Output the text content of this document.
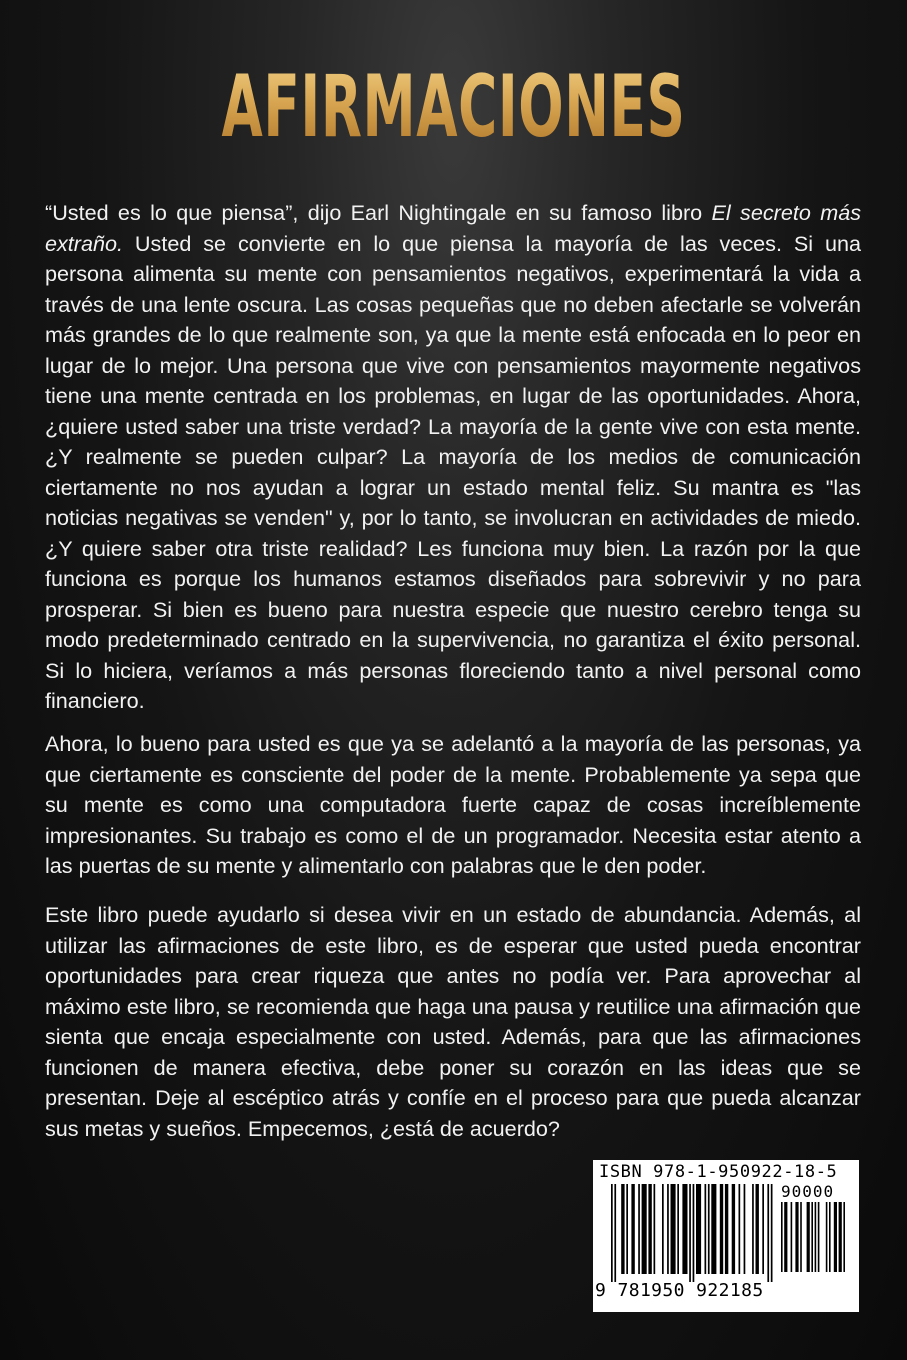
AFIRMACIONES

“Usted es lo que piensa”, dijo Earl Nightingale en su famoso libro El secreto más extraño. Usted se convierte en lo que piensa la mayoría de las veces. Si una persona alimenta su mente con pensamientos negativos, experimentará la vida a través de una lente oscura. Las cosas pequeñas que no deben afectarle se volverán más grandes de lo que realmente son, ya que la mente está enfocada en lo peor en lugar de lo mejor. Una persona que vive con pensamientos mayormente negativos tiene una mente centrada en los problemas, en lugar de las oportunidades. Ahora, ¿quiere usted saber una triste verdad? La mayoría de la gente vive con esta mente. ¿Y realmente se pueden culpar? La mayoría de los medios de comunicación ciertamente no nos ayudan a lograr un estado mental feliz. Su mantra es "las noticias negativas se venden" y, por lo tanto, se involucran en actividades de miedo. ¿Y quiere saber otra triste realidad? Les funciona muy bien. La razón por la que funciona es porque los humanos estamos diseñados para sobrevivir y no para prosperar. Si bien es bueno para nuestra especie que nuestro cerebro tenga su modo predeterminado centrado en la supervivencia, no garantiza el éxito personal. Si lo hiciera, veríamos a más personas floreciendo tanto a nivel personal como financiero.

Ahora, lo bueno para usted es que ya se adelantó a la mayoría de las personas, ya que ciertamente es consciente del poder de la mente. Probablemente ya sepa que su mente es como una computadora fuerte capaz de cosas increíblemente impresionantes. Su trabajo es como el de un programador. Necesita estar atento a las puertas de su mente y alimentarlo con palabras que le den poder.

Este libro puede ayudarlo si desea vivir en un estado de abundancia. Además, al utilizar las afirmaciones de este libro, es de esperar que usted pueda encontrar oportunidades para crear riqueza que antes no podía ver. Para aprovechar al máximo este libro, se recomienda que haga una pausa y reutilice una afirmación que sienta que encaja especialmente con usted. Además, para que las afirmaciones funcionen de manera efectiva, debe poner su corazón en las ideas que se presentan. Deje al escéptico atrás y confíe en el proceso para que pueda alcanzar sus metas y sueños. Empecemos, ¿está de acuerdo?

ISBN 978-1-950922-18-5
90000
9 781950 922185
